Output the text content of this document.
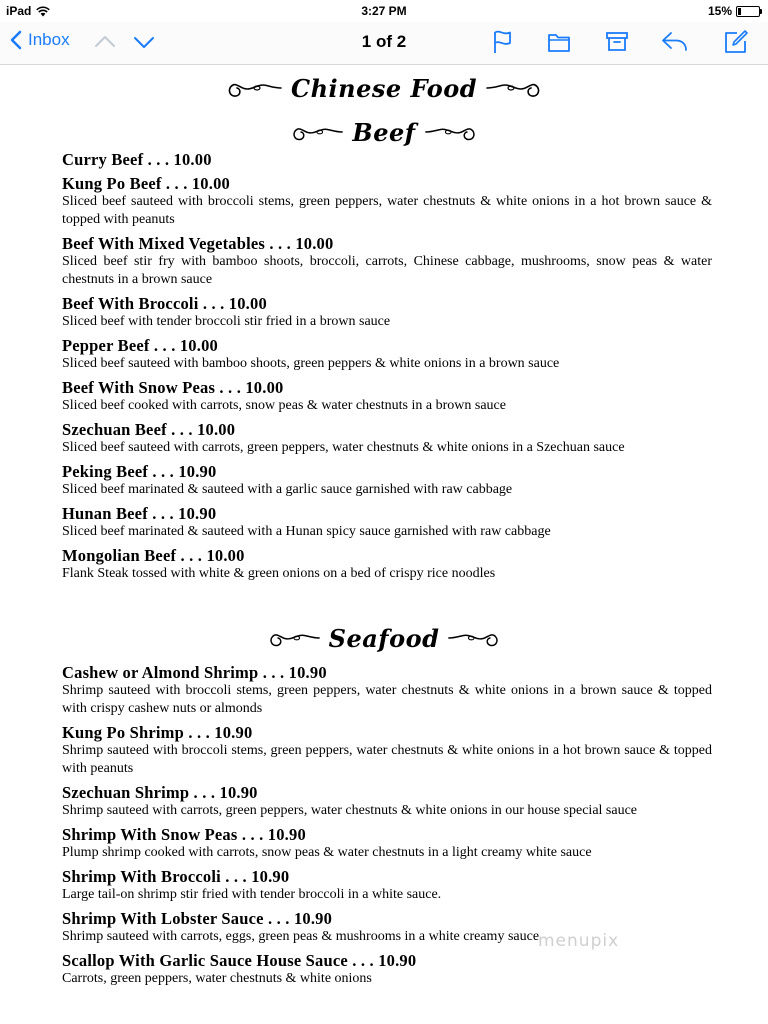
iPad	3:27 PM	15%
Inbox	1 of 2
Chinese Food
Beef
Curry Beef . . . 10.00
Kung Po Beef . . . 10.00
Sliced beef sauteed with broccoli stems, green peppers, water chestnuts & white onions in a hot brown sauce & topped with peanuts
Beef With Mixed Vegetables . . . 10.00
Sliced beef stir fry with bamboo shoots, broccoli, carrots, Chinese cabbage, mushrooms, snow peas & water chestnuts in a brown sauce
Beef With Broccoli . . . 10.00
Sliced beef with tender broccoli stir fried in a brown sauce
Pepper Beef . . . 10.00
Sliced beef sauteed with bamboo shoots, green peppers & white onions in a brown sauce
Beef With Snow Peas . . . 10.00
Sliced beef cooked with carrots, snow peas & water chestnuts in a brown sauce
Szechuan Beef . . . 10.00
Sliced beef sauteed with carrots, green peppers, water chestnuts & white onions in a Szechuan sauce
Peking Beef . . . 10.90
Sliced beef marinated & sauteed with a garlic sauce garnished with raw cabbage
Hunan Beef . . . 10.90
Sliced beef marinated & sauteed with a Hunan spicy sauce garnished with raw cabbage
Mongolian Beef . . . 10.00
Flank Steak tossed with white & green onions on a bed of crispy rice noodles
Seafood
Cashew or Almond Shrimp . . . 10.90
Shrimp sauteed with broccoli stems, green peppers, water chestnuts & white onions in a brown sauce & topped with crispy cashew nuts or almonds
Kung Po Shrimp . . . 10.90
Shrimp sauteed with broccoli stems, green peppers, water chestnuts & white onions in a hot brown sauce & topped with peanuts
Szechuan Shrimp . . . 10.90
Shrimp sauteed with carrots, green peppers, water chestnuts & white onions in our house special sauce
Shrimp With Snow Peas . . . 10.90
Plump shrimp cooked with carrots, snow peas & water chestnuts in a light creamy white sauce
Shrimp With Broccoli . . . 10.90
Large tail-on shrimp stir fried with tender broccoli in a white sauce.
Shrimp With Lobster Sauce . . . 10.90
Shrimp sauteed with carrots, eggs, green peas & mushrooms in a white creamy sauce
Scallop With Garlic Sauce House Sauce . . . 10.90
Carrots, green peppers, water chestnuts & white onions
menupix
